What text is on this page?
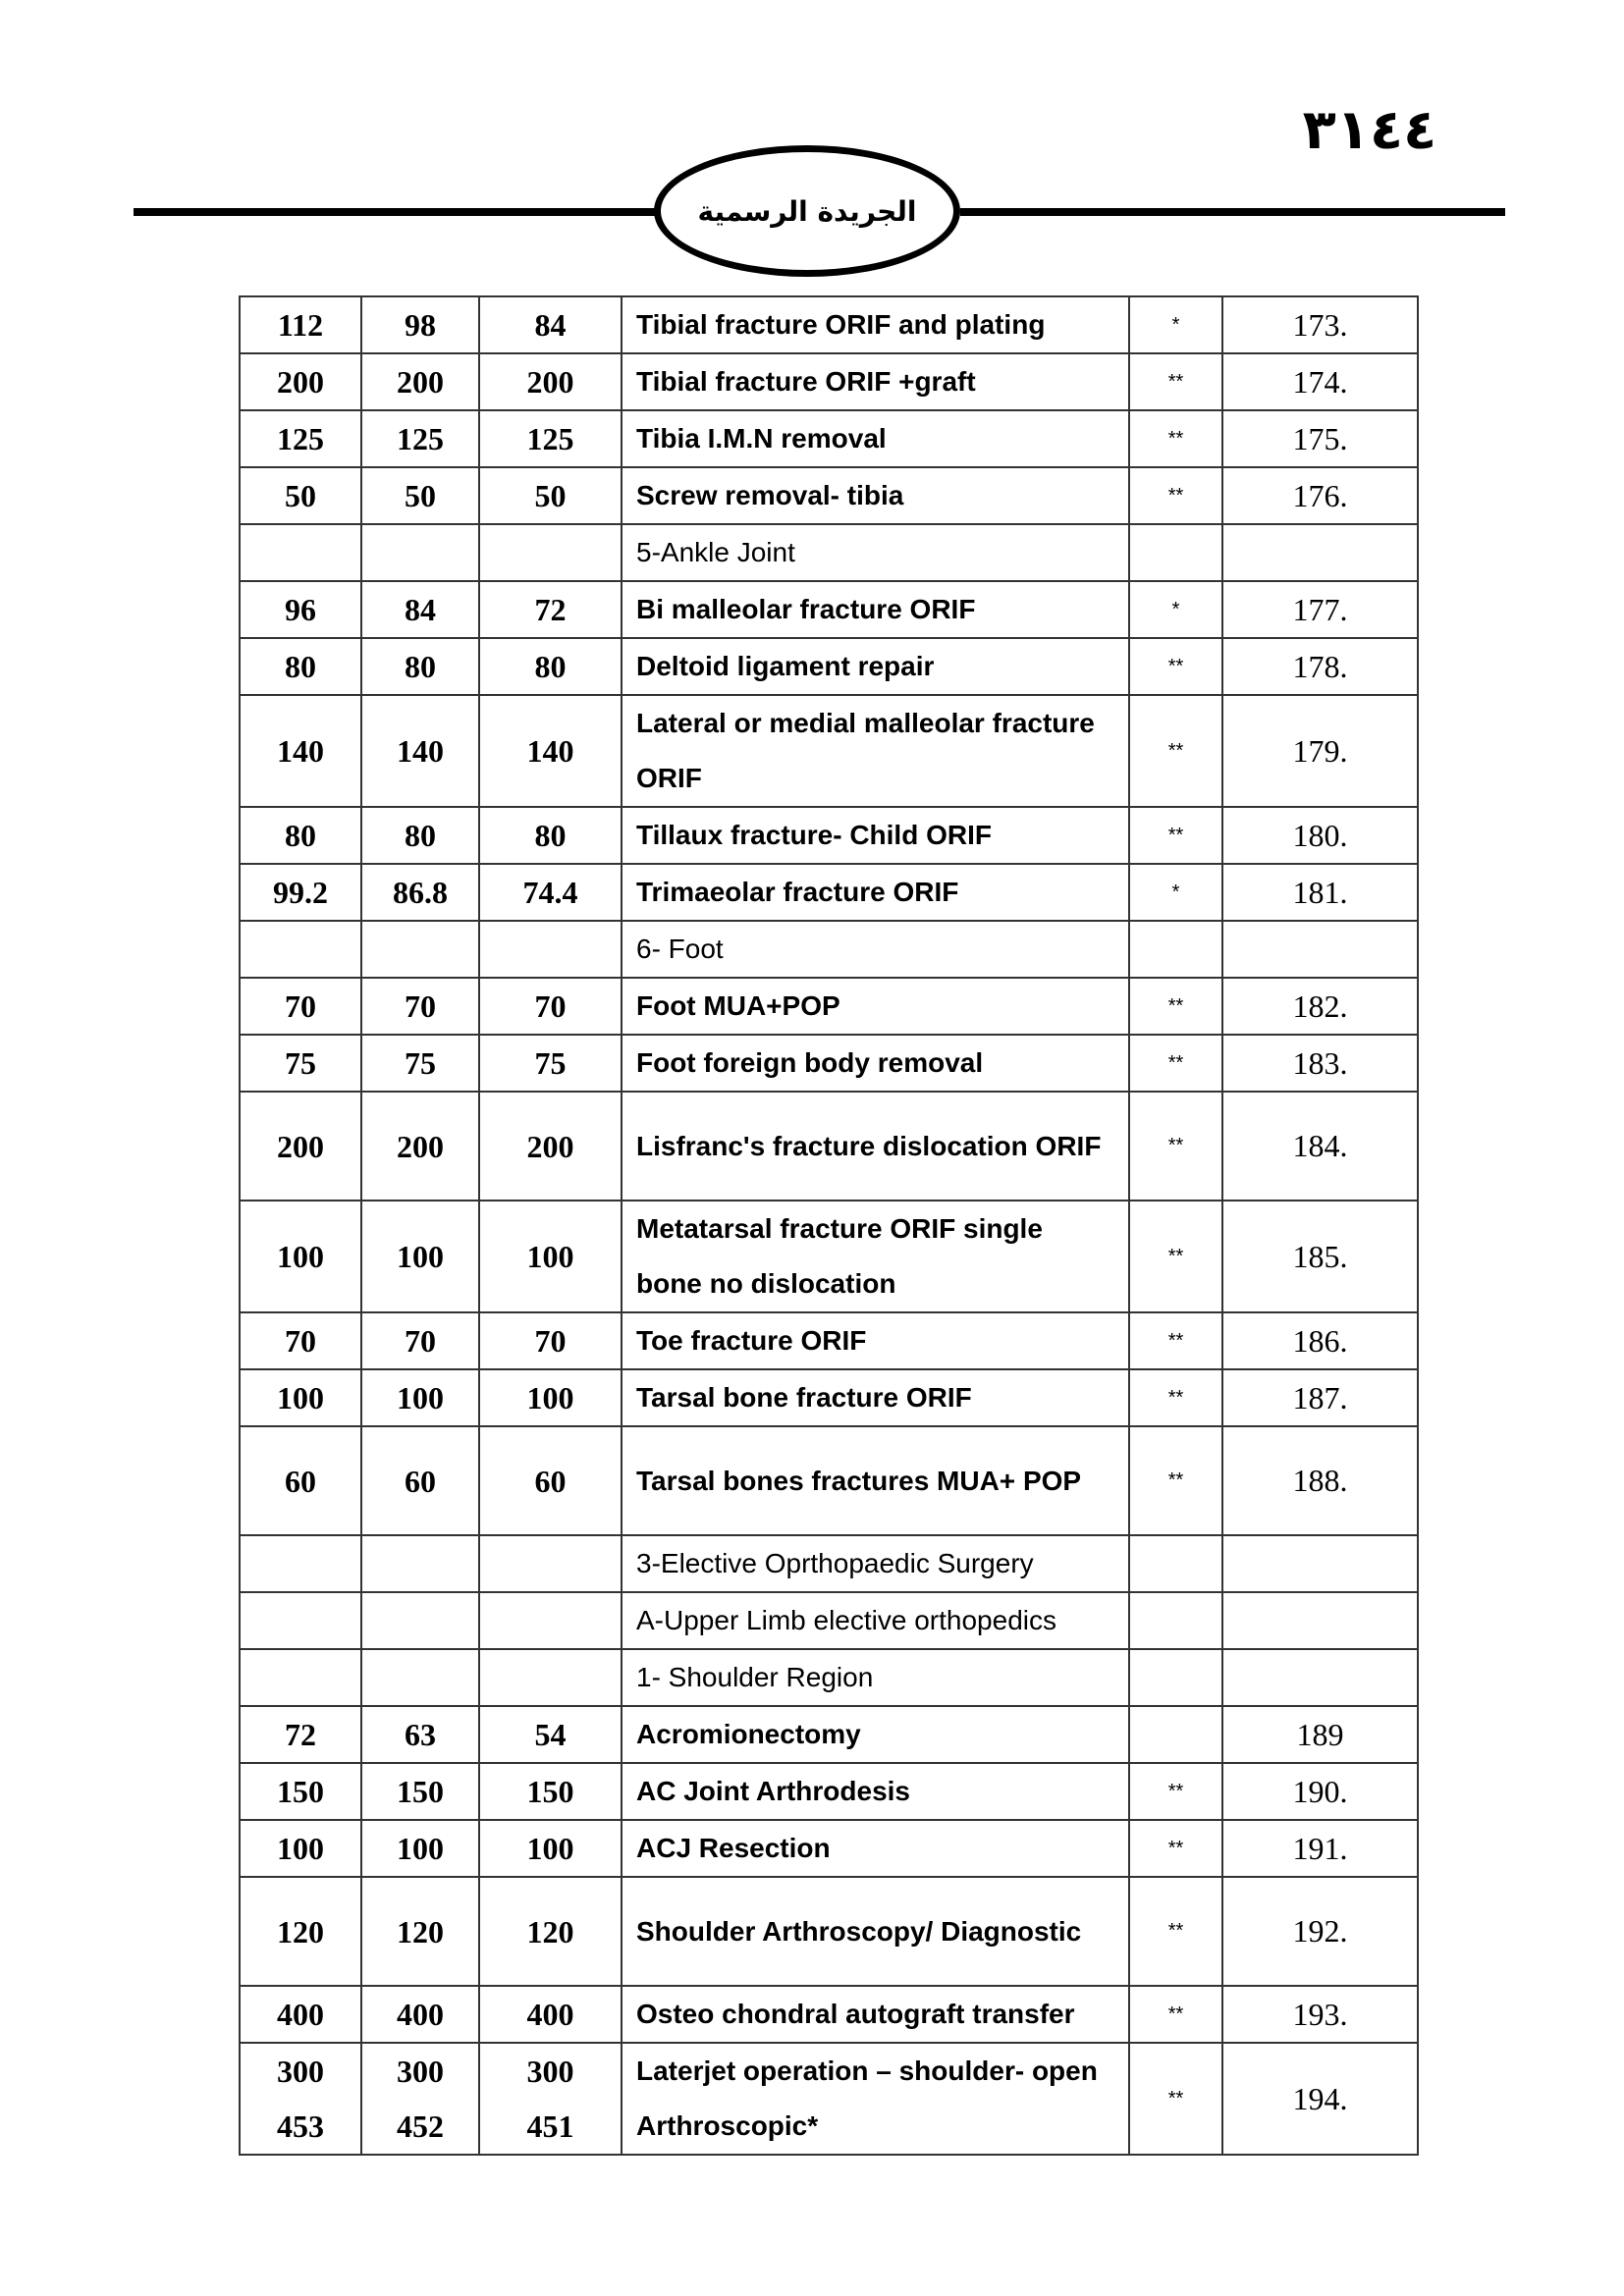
٣١٤٤
الجريدة الرسمية
112	98	84	Tibial fracture ORIF and plating	*	173.
200	200	200	Tibial fracture ORIF +graft	**	174.
125	125	125	Tibia I.M.N removal	**	175.
50	50	50	Screw removal- tibia	**	176.
			5-Ankle Joint		
96	84	72	Bi malleolar fracture ORIF	*	177.
80	80	80	Deltoid ligament repair	**	178.
140	140	140	Lateral or medial malleolar fracture ORIF	**	179.
80	80	80	Tillaux fracture- Child ORIF	**	180.
99.2	86.8	74.4	Trimaeolar fracture ORIF	*	181.
			6- Foot		
70	70	70	Foot MUA+POP	**	182.
75	75	75	Foot foreign body removal	**	183.
200	200	200	Lisfranc's fracture dislocation ORIF	**	184.
100	100	100	Metatarsal fracture ORIF single bone no dislocation	**	185.
70	70	70	Toe fracture ORIF	**	186.
100	100	100	Tarsal bone fracture ORIF	**	187.
60	60	60	Tarsal bones fractures MUA+ POP	**	188.
			3-Elective Oprthopaedic Surgery		
			A-Upper Limb elective orthopedics		
			1- Shoulder Region		
72	63	54	Acromionectomy		189
150	150	150	AC Joint Arthrodesis	**	190.
100	100	100	ACJ Resection	**	191.
120	120	120	Shoulder Arthroscopy/ Diagnostic	**	192.
400	400	400	Osteo chondral autograft transfer	**	193.
300 453	300 452	300 451	Laterjet operation – shoulder- open Arthroscopic*	**	194.
